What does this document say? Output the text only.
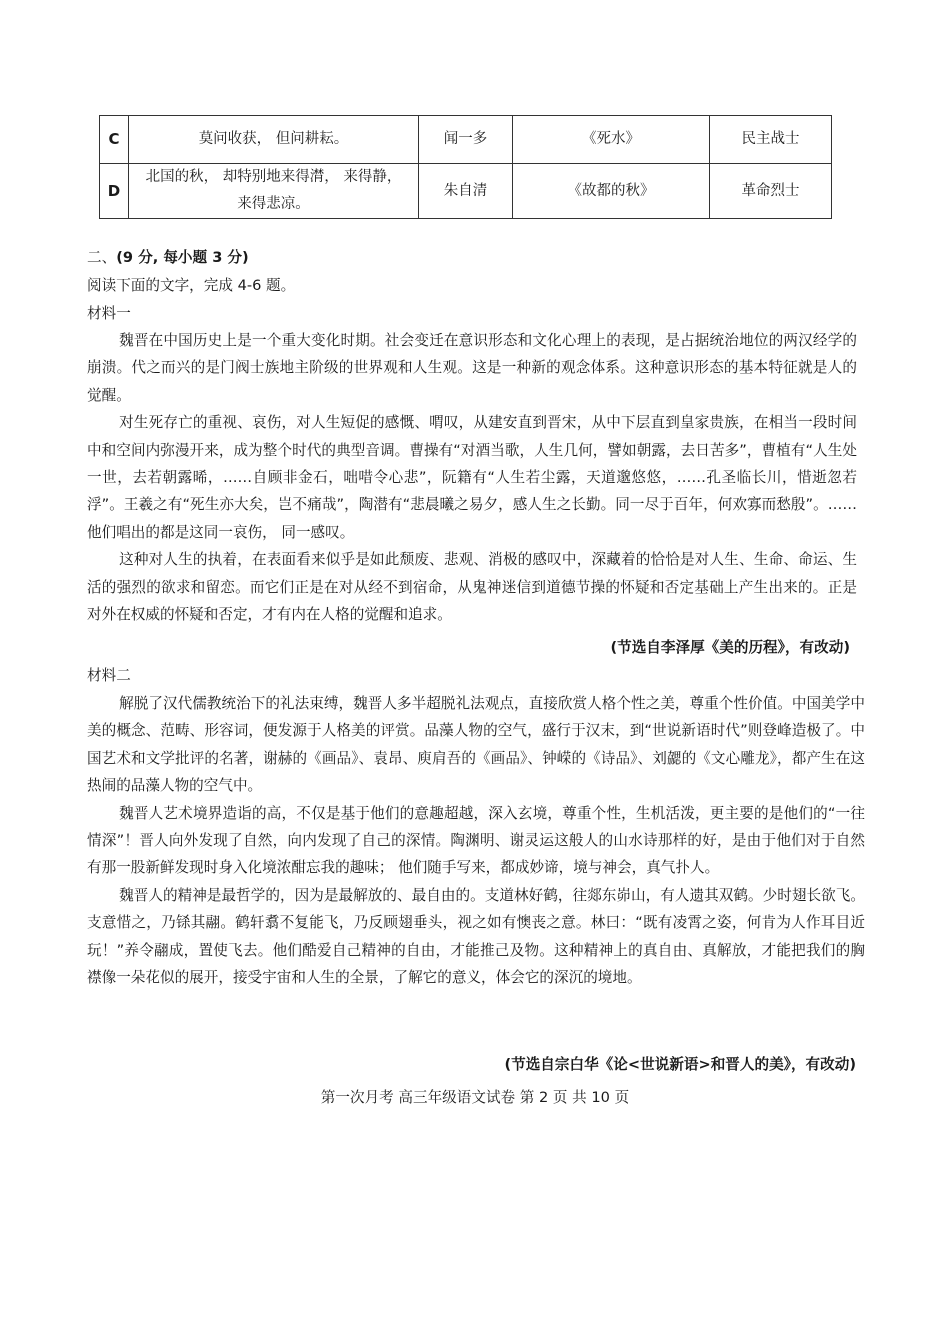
C	莫问收获， 但问耕耘。	闻一多	《死水》	民主战士
D	北国的秋， 却特别地来得潸， 来得静，来得悲凉。	朱自清	《故都的秋》	革命烈士
二、(9 分, 每小题 3 分)
阅读下面的文字，完成 4-6 题。
材料一

魏晋在中国历史上是一个重大变化时期。社会变迁在意识形态和文化心理上的表现，是占据统治地位的两汉经学的崩溃。代之而兴的是门阀士族地主阶级的世界观和人生观。这是一种新的观念体系。这种意识形态的基本特征就是人的觉醒。

对生死存亡的重视、哀伤，对人生短促的感慨、喟叹，从建安直到晋宋，从中下层直到皇家贵族，在相当一段时间中和空间内弥漫开来，成为整个时代的典型音调。曹操有“对酒当歌，人生几何，譬如朝露，去日苦多”，曹植有“人生处一世，去若朝露晞，……自顾非金石，咄唶令心悲”，阮籍有“人生若尘露，天道邈悠悠，……孔圣临长川，惜逝忽若浮”。王羲之有“死生亦大矣，岂不痛哉”，陶潜有“悲晨曦之易夕，感人生之长勤。同一尽于百年，何欢寡而愁殷”。……他们唱出的都是这同一哀伤， 同一感叹。

这种对人生的执着，在表面看来似乎是如此颓废、悲观、消极的感叹中，深藏着的恰恰是对人生、生命、命运、生活的强烈的欲求和留恋。而它们正是在对从经不到宿命，从鬼神迷信到道德节操的怀疑和否定基础上产生出来的。正是对外在权威的怀疑和否定，才有内在人格的觉醒和追求。

(节选自李泽厚《美的历程》，有改动)
材料二

解脱了汉代儒教统治下的礼法束缚，魏晋人多半超脱礼法观点，直接欣赏人格个性之美，尊重个性价值。中国美学中美的概念、范畴、形容词，便发源于人格美的评赏。品藻人物的空气，盛行于汉末，到“世说新语时代”则登峰造极了。中国艺术和文学批评的名著，谢赫的《画品》、袁昂、庾肩吾的《画品》、钟嵘的《诗品》、刘勰的《文心雕龙》，都产生在这热闹的品藻人物的空气中。

魏晋人艺术境界造诣的高，不仅是基于他们的意趣超越，深入玄境，尊重个性，生机活泼，更主要的是他们的“一往情深”！晋人向外发现了自然，向内发现了自己的深情。陶渊明、谢灵运这般人的山水诗那样的好，是由于他们对于自然有那一股新鲜发现时身入化境浓酣忘我的趣味； 他们随手写来，都成妙谛，境与神会，真气扑人。

魏晋人的精神是最哲学的，因为是最解放的、最自由的。支道林好鹤，往郯东峁山，有人遗其双鹤。少时翅长欲飞。支意惜之，乃铩其翮。鹤轩翥不复能飞，乃反顾翅垂头，视之如有懊丧之意。林曰：“既有凌霄之姿，何肯为人作耳目近玩！”养令翮成，置使飞去。他们酷爱自己精神的自由，才能推己及物。这种精神上的真自由、真解放，才能把我们的胸襟像一朵花似的展开，接受宇宙和人生的全景，了解它的意义，体会它的深沉的境地。

(节选自宗白华《论<世说新语>和晋人的美》，有改动)
第一次月考 高三年级语文试卷 第 2 页 共 10 页
